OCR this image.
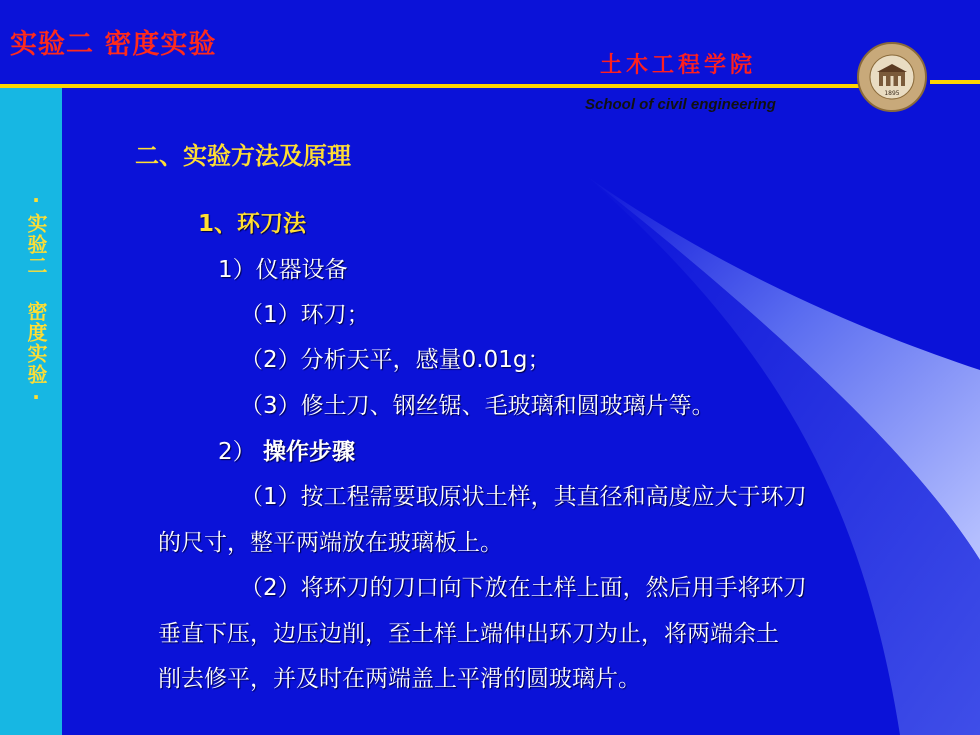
·实验二 密度实验·
实验二 密度实验
土木工程学院
School of civil engineering
1895
二、实验方法及原理
1、环刀法
1）仪器设备
（1）环刀；
（2）分析天平，感量0.01g；
（3）修土刀、钢丝锯、毛玻璃和圆玻璃片等。
2） 操作步骤
（1）按工程需要取原状土样，其直径和高度应大于环刀
的尺寸，整平两端放在玻璃板上。
（2）将环刀的刀口向下放在土样上面，然后用手将环刀
垂直下压，边压边削，至土样上端伸出环刀为止，将两端余土
削去修平，并及时在两端盖上平滑的圆玻璃片。
